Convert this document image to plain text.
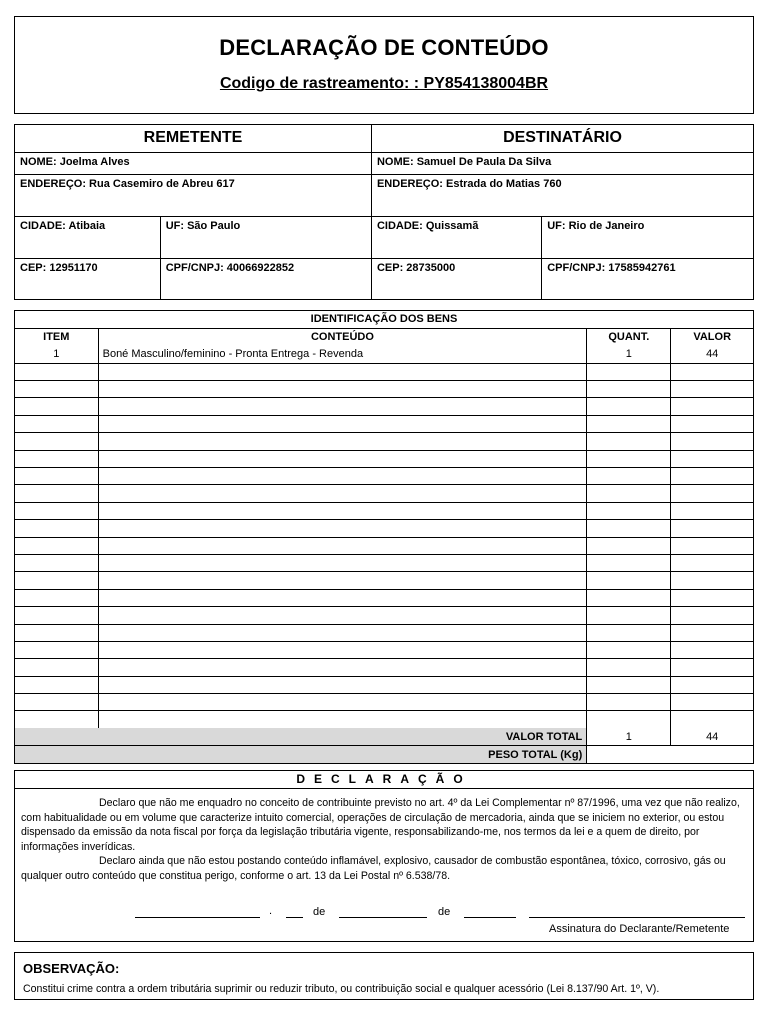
DECLARAÇÃO DE CONTEÚDO
Codigo de rastreamento: : PY854138004BR
REMETENTE		DESTINATÁRIO	
NOME: Joelma Alves		NOME: Samuel De Paula Da Silva	
ENDEREÇO: Rua Casemiro de Abreu 617		ENDEREÇO: Estrada do Matias 760	
CIDADE: Atibaia	UF: São Paulo	CIDADE: Quissamã	UF: Rio de Janeiro
CEP: 12951170	CPF/CNPJ: 40066922852	CEP: 28735000	CPF/CNPJ: 17585942761
IDENTIFICAÇÃO DOS BENS			
ITEM	CONTEÚDO	QUANT.	VALOR
1	Boné Masculino/feminino - Pronta Entrega - Revenda	1	44

VALOR TOTAL		1	44
PESO TOTAL (Kg)			
DECLARAÇÃO
Declaro que não me enquadro no conceito de contribuinte previsto no art. 4º da Lei Complementar nº 87/1996, uma vez que não realizo, com habitualidade ou em volume que caracterize intuito comercial, operações de circulação de mercadoria, ainda que se iniciem no exterior, ou estou dispensado da emissão da nota fiscal por força da legislação tributária vigente, responsabilizando-me, nos termos da lei e a quem de direito, por informações inverídicas.
Declaro ainda que não estou postando conteúdo inflamável, explosivo, causador de combustão espontânea, tóxico, corrosivo, gás ou qualquer outro conteúdo que constitua perigo, conforme o art. 13 da Lei Postal nº 6.538/78.
.	de	de
Assinatura do Declarante/Remetente
OBSERVAÇÃO:
Constitui crime contra a ordem tributária suprimir ou reduzir tributo, ou contribuição social e qualquer acessório (Lei 8.137/90 Art. 1º, V).
